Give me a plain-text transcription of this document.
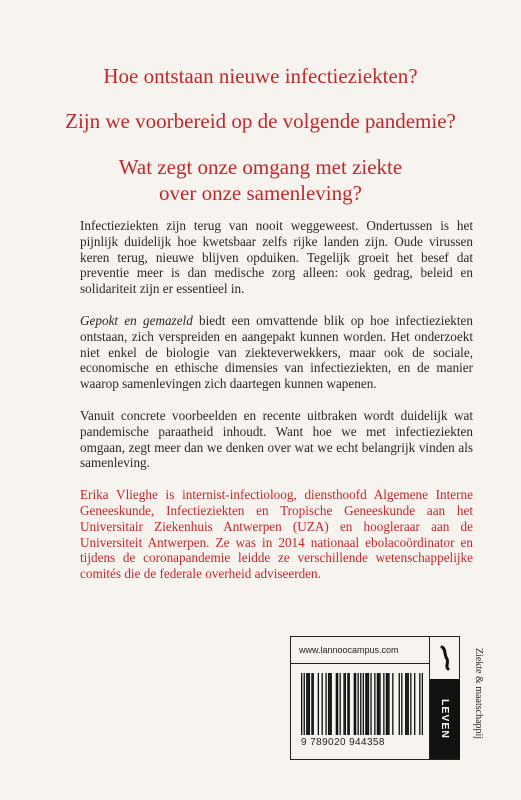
Hoe ontstaan nieuwe infectieziekten?
Zijn we voorbereid op de volgende pandemie?
Wat zegt onze omgang met ziekte
over onze samenleving?

Infectieziekten zijn terug van nooit weggeweest. Ondertussen is het pijnlijk duidelijk hoe kwetsbaar zelfs rijke landen zijn. Oude virussen keren terug, nieuwe blijven opduiken. Tegelijk groeit het besef dat preventie meer is dan medische zorg alleen: ook gedrag, beleid en solidariteit zijn er essentieel in.

Gepokt en gemazeld biedt een omvattende blik op hoe infectieziekten ontstaan, zich verspreiden en aangepakt kunnen worden. Het onderzoekt niet enkel de biologie van ziekteverwekkers, maar ook de sociale, economische en ethische dimensies van infectieziekten, en de manier waarop samenlevingen zich daartegen kunnen wapenen.

Vanuit concrete voorbeelden en recente uitbraken wordt duidelijk wat pandemische paraatheid inhoudt. Want hoe we met infectieziekten omgaan, zegt meer dan we denken over wat we echt belangrijk vinden als samenleving.

Erika Vlieghe is internist-infectioloog, diensthoofd Algemene Interne Geneeskunde, Infectieziekten en Tropische Geneeskunde aan het Universitair Ziekenhuis Antwerpen (UZA) en hoogleraar aan de Universiteit Antwerpen. Ze was in 2014 nationaal ebolacoördinator en tijdens de coronapandemie leidde ze verschillende wetenschappelijke comités die de federale overheid adviseerden.

www.lannoocampus.com
LEVEN
9 789020 944358
Ziekte & maatschappij
